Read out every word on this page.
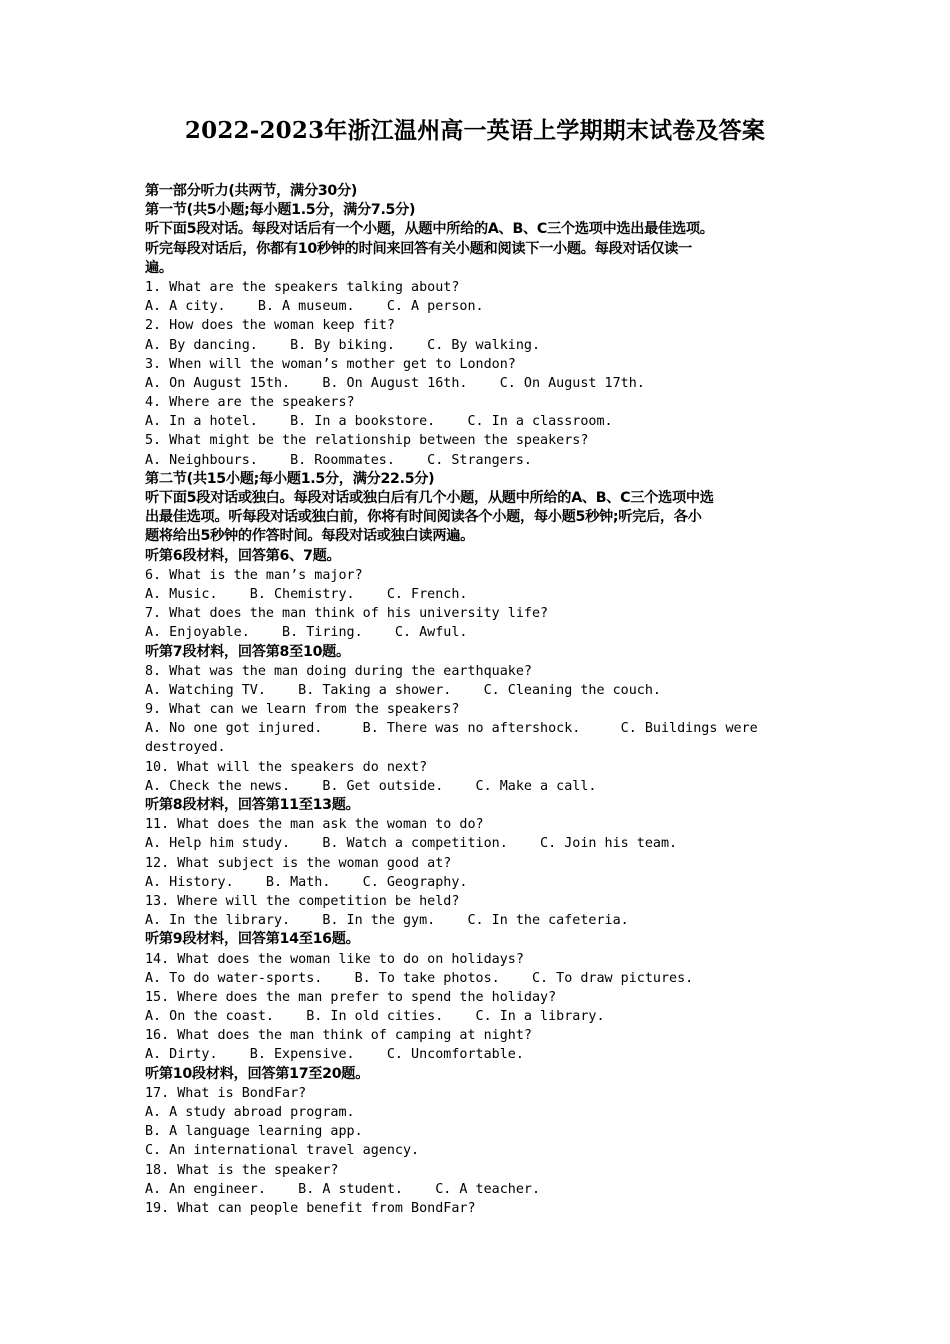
2022-2023年浙江温州高一英语上学期期末试卷及答案
第一部分听力(共两节，满分30分)
第一节(共5小题;每小题1.5分，满分7.5分)
听下面5段对话。每段对话后有一个小题，从题中所给的A、B、C三个选项中选出最佳选项。
听完每段对话后，你都有10秒钟的时间来回答有关小题和阅读下一小题。每段对话仅读一
遍。
1. What are the speakers talking about?
A. A city.    B. A museum.    C. A person.
2. How does the woman keep fit?
A. By dancing.    B. By biking.    C. By walking.
3. When will the woman’s mother get to London?
A. On August 15th.    B. On August 16th.    C. On August 17th.
4. Where are the speakers?
A. In a hotel.    B. In a bookstore.    C. In a classroom.
5. What might be the relationship between the speakers?
A. Neighbours.    B. Roommates.    C. Strangers.
第二节(共15小题;每小题1.5分，满分22.5分)
听下面5段对话或独白。每段对话或独白后有几个小题，从题中所给的A、B、C三个选项中选
出最佳选项。听每段对话或独白前，你将有时间阅读各个小题，每小题5秒钟;听完后，各小
题将给出5秒钟的作答时间。每段对话或独白读两遍。
听第6段材料，回答第6、7题。
6. What is the man’s major?
A. Music.    B. Chemistry.    C. French.
7. What does the man think of his university life?
A. Enjoyable.    B. Tiring.    C. Awful.
听第7段材料，回答第8至10题。
8. What was the man doing during the earthquake?
A. Watching TV.    B. Taking a shower.    C. Cleaning the couch.
9. What can we learn from the speakers?
A. No one got injured.     B. There was no aftershock.     C. Buildings were
destroyed.
10. What will the speakers do next?
A. Check the news.    B. Get outside.    C. Make a call.
听第8段材料，回答第11至13题。
11. What does the man ask the woman to do?
A. Help him study.    B. Watch a competition.    C. Join his team.
12. What subject is the woman good at?
A. History.    B. Math.    C. Geography.
13. Where will the competition be held?
A. In the library.    B. In the gym.    C. In the cafeteria.
听第9段材料，回答第14至16题。
14. What does the woman like to do on holidays?
A. To do water-sports.    B. To take photos.    C. To draw pictures.
15. Where does the man prefer to spend the holiday?
A. On the coast.    B. In old cities.    C. In a library.
16. What does the man think of camping at night?
A. Dirty.    B. Expensive.    C. Uncomfortable.
听第10段材料，回答第17至20题。
17. What is BondFar?
A. A study abroad program.
B. A language learning app.
C. An international travel agency.
18. What is the speaker?
A. An engineer.    B. A student.    C. A teacher.
19. What can people benefit from BondFar?
